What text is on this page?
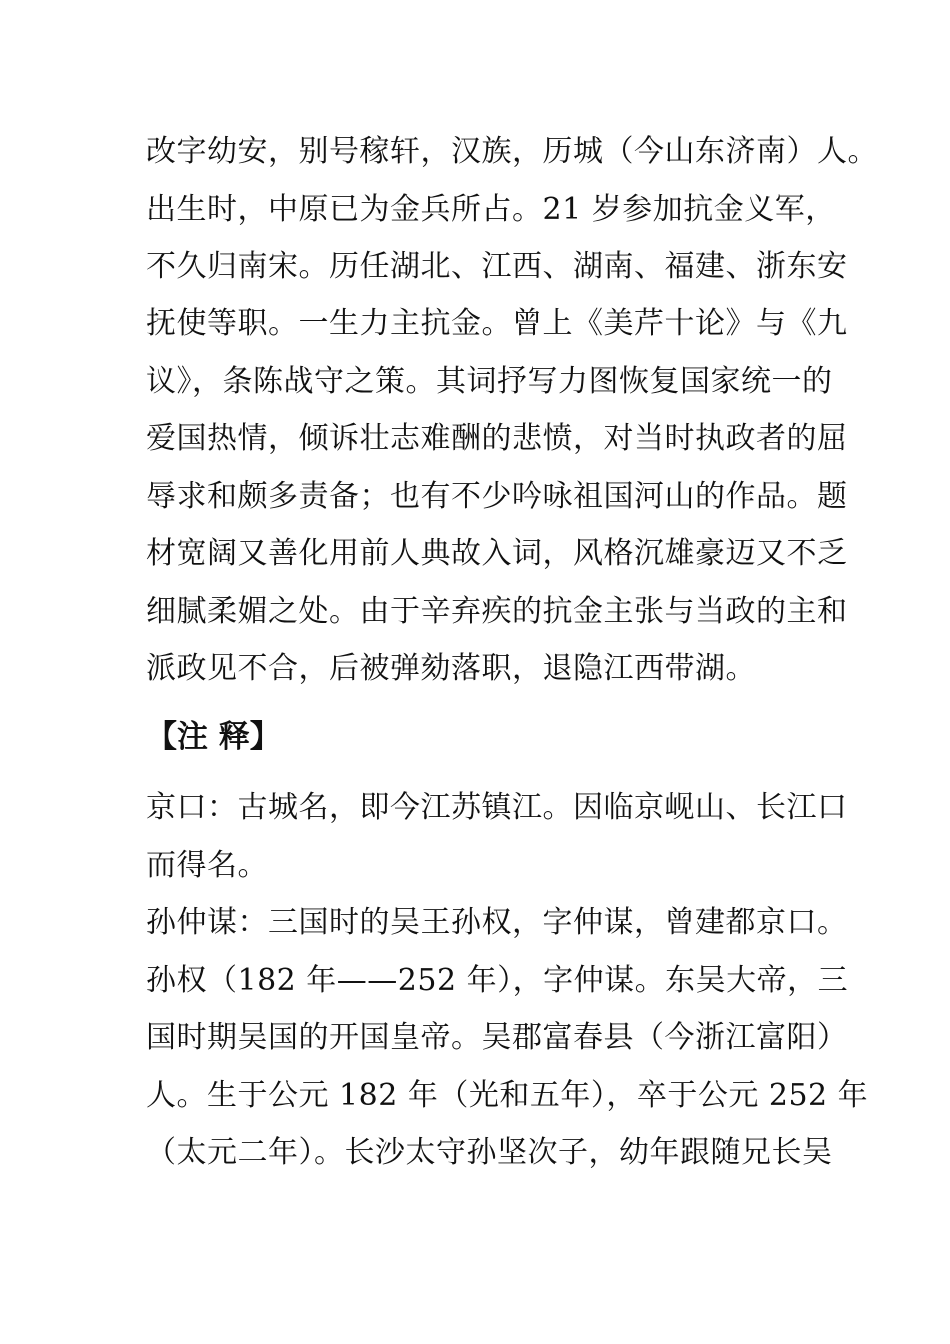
改字幼安，别号稼轩，汉族，历城（今山东济南）人。
出生时，中原已为金兵所占。21 岁参加抗金义军，
不久归南宋。历任湖北、江西、湖南、福建、浙东安
抚使等职。一生力主抗金。曾上《美芹十论》与《九
议》，条陈战守之策。其词抒写力图恢复国家统一的
爱国热情，倾诉壮志难酬的悲愤，对当时执政者的屈
辱求和颇多责备；也有不少吟咏祖国河山的作品。题
材宽阔又善化用前人典故入词，风格沉雄豪迈又不乏
细腻柔媚之处。由于辛弃疾的抗金主张与当政的主和
派政见不合，后被弹劾落职，退隐江西带湖。
【注 释】
京口：古城名，即今江苏镇江。因临京岘山、长江口
而得名。
孙仲谋：三国时的吴王孙权，字仲谋，曾建都京口。
孙权（182 年——252 年），字仲谋。东吴大帝，三
国时期吴国的开国皇帝。吴郡富春县（今浙江富阳）
人。生于公元 182 年（光和五年），卒于公元 252 年
（太元二年）。长沙太守孙坚次子，幼年跟随兄长吴
